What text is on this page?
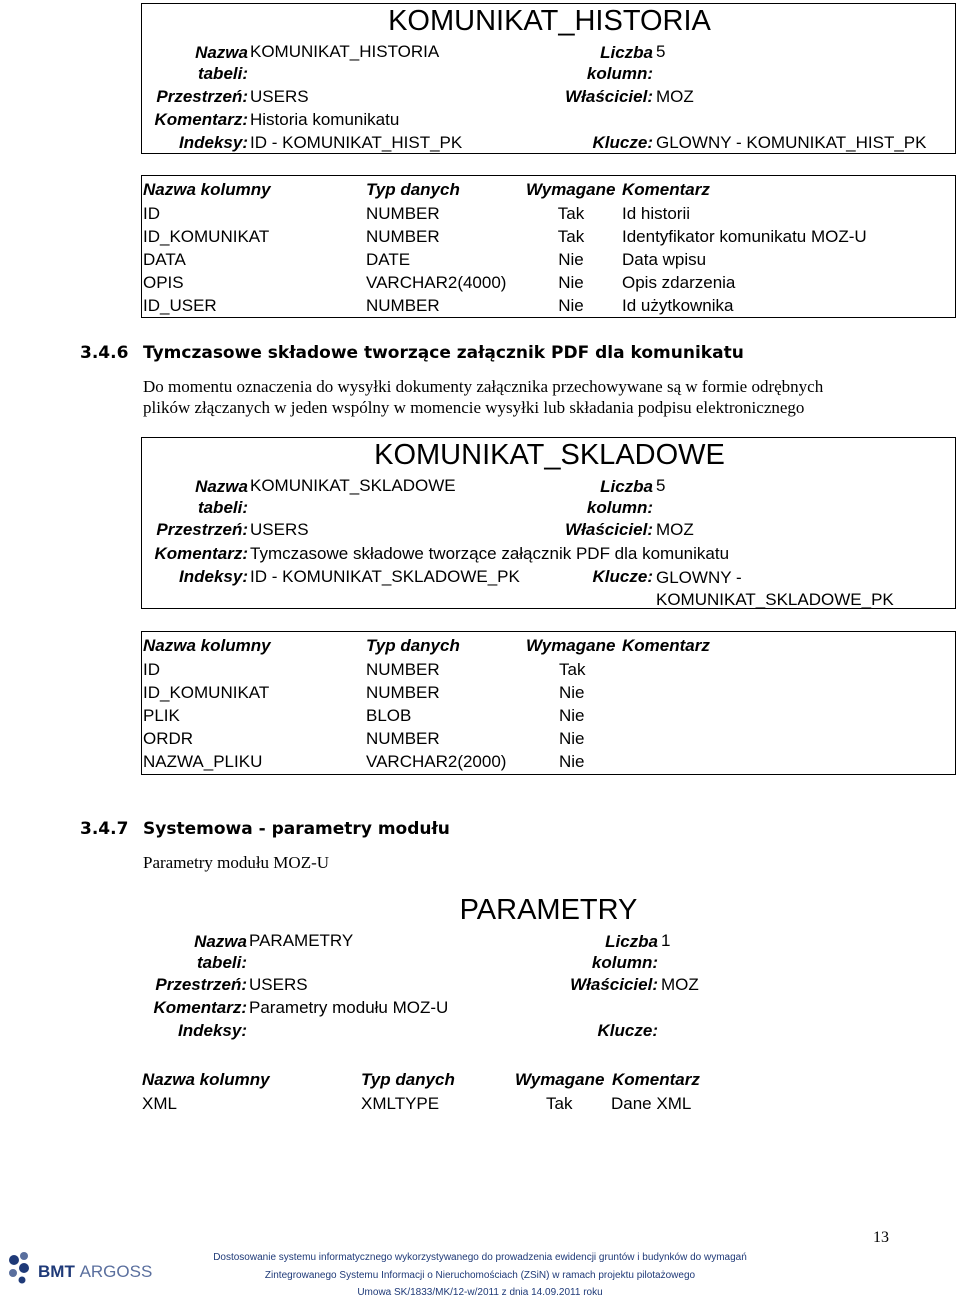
KOMUNIKAT_HISTORIA
Nazwa
tabeli:
KOMUNIKAT_HISTORIA	Liczba
kolumn:
5
Przestrzeń: USERS	Właściciel: MOZ
Komentarz: Historia komunikatu
Indeksy: ID - KOMUNIKAT_HIST_PK	Klucze: GLOWNY - KOMUNIKAT_HIST_PK
Nazwa kolumny	Typ danych	Wymagane Komentarz
ID	NUMBER	Tak	Id historii
ID_KOMUNIKAT	NUMBER	Tak	Identyfikator komunikatu MOZ-U
DATA	DATE	Nie	Data wpisu
OPIS	VARCHAR2(4000)	Nie	Opis zdarzenia
ID_USER	NUMBER	Nie	Id użytkownika
3.4.6 Tymczasowe składowe tworzące załącznik PDF dla komunikatu
Do momentu oznaczenia do wysyłki dokumenty załącznika przechowywane są w formie odrębnych
plików złączanych w jeden wspólny w momencie wysyłki lub składania podpisu elektronicznego
KOMUNIKAT_SKLADOWE
Nazwa
tabeli:
KOMUNIKAT_SKLADOWE	Liczba
kolumn:
5
Przestrzeń: USERS	Właściciel: MOZ
Komentarz: Tymczasowe składowe tworzące załącznik PDF dla komunikatu
Indeksy: ID - KOMUNIKAT_SKLADOWE_PK	Klucze: GLOWNY -
KOMUNIKAT_SKLADOWE_PK
Nazwa kolumny	Typ danych	Wymagane Komentarz
ID	NUMBER	Tak
ID_KOMUNIKAT	NUMBER	Nie
PLIK	BLOB	Nie
ORDR	NUMBER	Nie
NAZWA_PLIKU	VARCHAR2(2000)	Nie
3.4.7 Systemowa - parametry modułu
Parametry modułu MOZ-U
PARAMETRY
Nazwa
tabeli:
PARAMETRY	Liczba
kolumn:
1
Przestrzeń: USERS	Właściciel: MOZ
Komentarz: Parametry modułu MOZ-U
Indeksy:	Klucze:
Nazwa kolumny	Typ danych	Wymagane Komentarz
XML	XMLTYPE	Tak Dane XML
13
BMT ARGOSS
Dostosowanie systemu informatycznego wykorzystywanego do prowadzenia ewidencji gruntów i budynków do wymagań
Zintegrowanego Systemu Informacji o Nieruchomościach (ZSiN) w ramach projektu pilotażowego
Umowa SK/1833/MK/12-w/2011 z dnia 14.09.2011 roku
